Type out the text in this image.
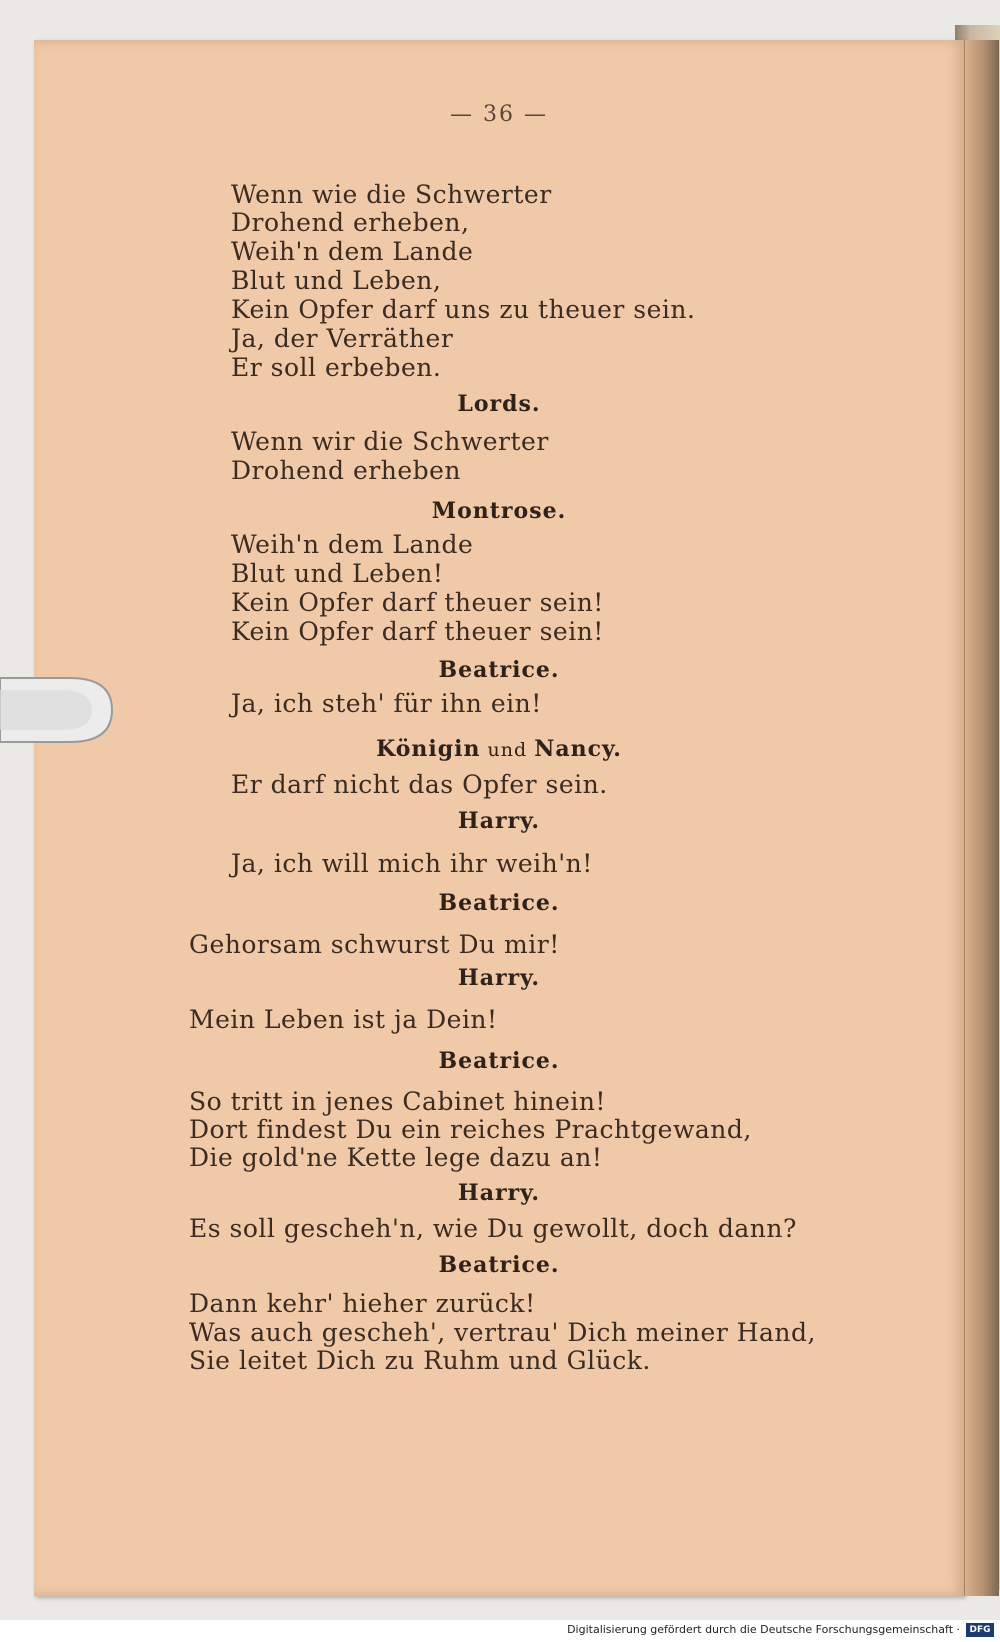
— 36 —
Wenn wie die Schwerter
Drohend erheben,
Weih'n dem Lande
Blut und Leben,
Kein Opfer darf uns zu theuer sein.
Ja, der Verräther
Er soll erbeben.
Lords.
Wenn wir die Schwerter
Drohend erheben
Montrose.
Weih'n dem Lande
Blut und Leben!
Kein Opfer darf theuer sein!
Kein Opfer darf theuer sein!
Beatrice.
Ja, ich steh' für ihn ein!
Königin und Nancy.
Er darf nicht das Opfer sein.
Harry.
Ja, ich will mich ihr weih'n!
Beatrice.
Gehorsam schwurst Du mir!
Harry.
Mein Leben ist ja Dein!
Beatrice.
So tritt in jenes Cabinet hinein!
Dort findest Du ein reiches Prachtgewand,
Die gold'ne Kette lege dazu an!
Harry.
Es soll gescheh'n, wie Du gewollt, doch dann?
Beatrice.
Dann kehr' hieher zurück!
Was auch gescheh', vertrau' Dich meiner Hand,
Sie leitet Dich zu Ruhm und Glück.
Digitalisierung gefördert durch die Deutsche Forschungsgemeinschaft ·	DFG
